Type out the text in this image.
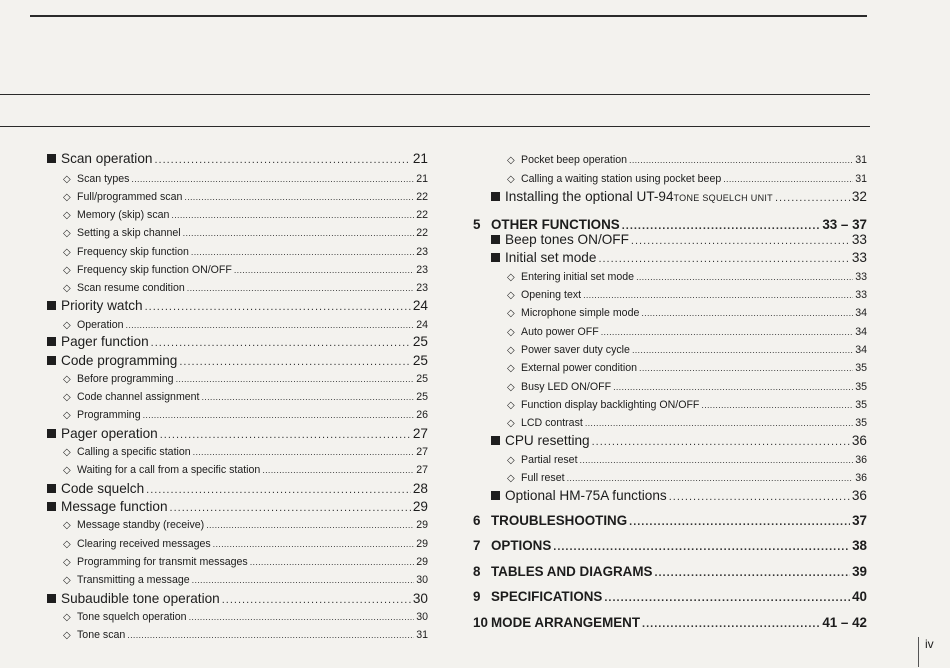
Scan operation .....	21
◇ Scan types .....	21
◇ Full/programmed scan .....	22
◇ Memory (skip) scan .....	22
◇ Setting a skip channel .....	22
◇ Frequency skip function .....	23
◇ Frequency skip function ON/OFF .....	23
◇ Scan resume condition .....	23
Priority watch .....	24
◇ Operation .....	24
Pager function .....	25
Code programming .....	25
◇ Before programming .....	25
◇ Code channel assignment .....	25
◇ Programming .....	26
Pager operation .....	27
◇ Calling a specific station .....	27
◇ Waiting for a call from a specific station .....	27
Code squelch .....	28
Message function .....	29
◇ Message standby (receive) .....	29
◇ Clearing received messages .....	29
◇ Programming for transmit messages .....	29
◇ Transmitting a message .....	30
Subaudible tone operation .....	30
◇ Tone squelch operation .....	30
◇ Tone scan .....	31
◇ Pocket beep operation .....	31
◇ Calling a waiting station using pocket beep .....	31
Installing the optional UT-94 TONE SQUELCH UNIT .....	32
5 OTHER FUNCTIONS .....	33 – 37
Beep tones ON/OFF .....	33
Initial set mode .....	33
◇ Entering initial set mode .....	33
◇ Opening text .....	33
◇ Microphone simple mode .....	34
◇ Auto power OFF .....	34
◇ Power saver duty cycle .....	34
◇ External power condition .....	35
◇ Busy LED ON/OFF .....	35
◇ Function display backlighting ON/OFF .....	35
◇ LCD contrast .....	35
CPU resetting .....	36
◇ Partial reset .....	36
◇ Full reset .....	36
Optional HM-75A functions .....	36
6 TROUBLESHOOTING .....	37
7 OPTIONS .....	38
8 TABLES AND DIAGRAMS .....	39
9 SPECIFICATIONS .....	40
10 MODE ARRANGEMENT .....	41 – 42
iv
